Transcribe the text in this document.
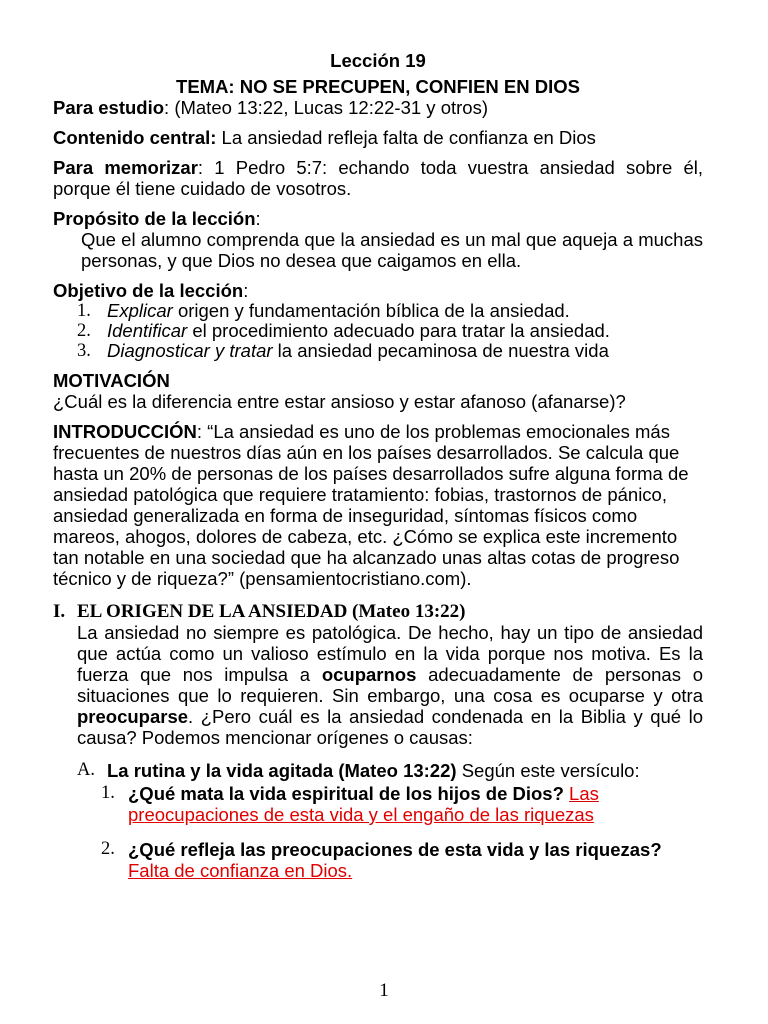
Lección 19
TEMA: NO SE PRECUPEN, CONFIEN EN DIOS

Para estudio: (Mateo 13:22, Lucas 12:22-31 y otros)

Contenido central: La ansiedad refleja falta de confianza en Dios

Para memorizar: 1 Pedro 5:7: echando toda vuestra ansiedad sobre él, porque él tiene cuidado de vosotros.

Propósito de la lección:

Que el alumno comprenda que la ansiedad es un mal que aqueja a muchas personas, y que Dios no desea que caigamos en ella.

Objetivo de la lección:

1. Explicar origen y fundamentación bíblica de la ansiedad.
2. Identificar el procedimiento adecuado para tratar la ansiedad.
3. Diagnosticar y tratar la ansiedad pecaminosa de nuestra vida
MOTIVACIÓN

¿Cuál es la diferencia entre estar ansioso y estar afanoso (afanarse)?

INTRODUCCIÓN: “La ansiedad es uno de los problemas emocionales más frecuentes de nuestros días aún en los países desarrollados. Se calcula que hasta un 20% de personas de los países desarrollados sufre alguna forma de ansiedad patológica que requiere tratamiento: fobias, trastornos de pánico, ansiedad generalizada en forma de inseguridad, síntomas físicos como mareos, ahogos, dolores de cabeza, etc. ¿Cómo se explica este incremento tan notable en una sociedad que ha alcanzado unas altas cotas de progreso técnico y de riqueza?” (pensamientocristiano.com).

I. EL ORIGEN DE LA ANSIEDAD (Mateo 13:22)
La ansiedad no siempre es patológica. De hecho, hay un tipo de ansiedad que actúa como un valioso estímulo en la vida porque nos motiva. Es la fuerza que nos impulsa a ocuparnos adecuadamente de personas o situaciones que lo requieren. Sin embargo, una cosa es ocuparse y otra preocuparse. ¿Pero cuál es la ansiedad condenada en la Biblia y qué lo causa? Podemos mencionar orígenes o causas:
A. La rutina y la vida agitada (Mateo 13:22) Según este versículo:
1. ¿Qué mata la vida espiritual de los hijos de Dios? Las preocupaciones de esta vida y el engaño de las riquezas
2. ¿Qué refleja las preocupaciones de esta vida y las riquezas? Falta de confianza en Dios.
1
